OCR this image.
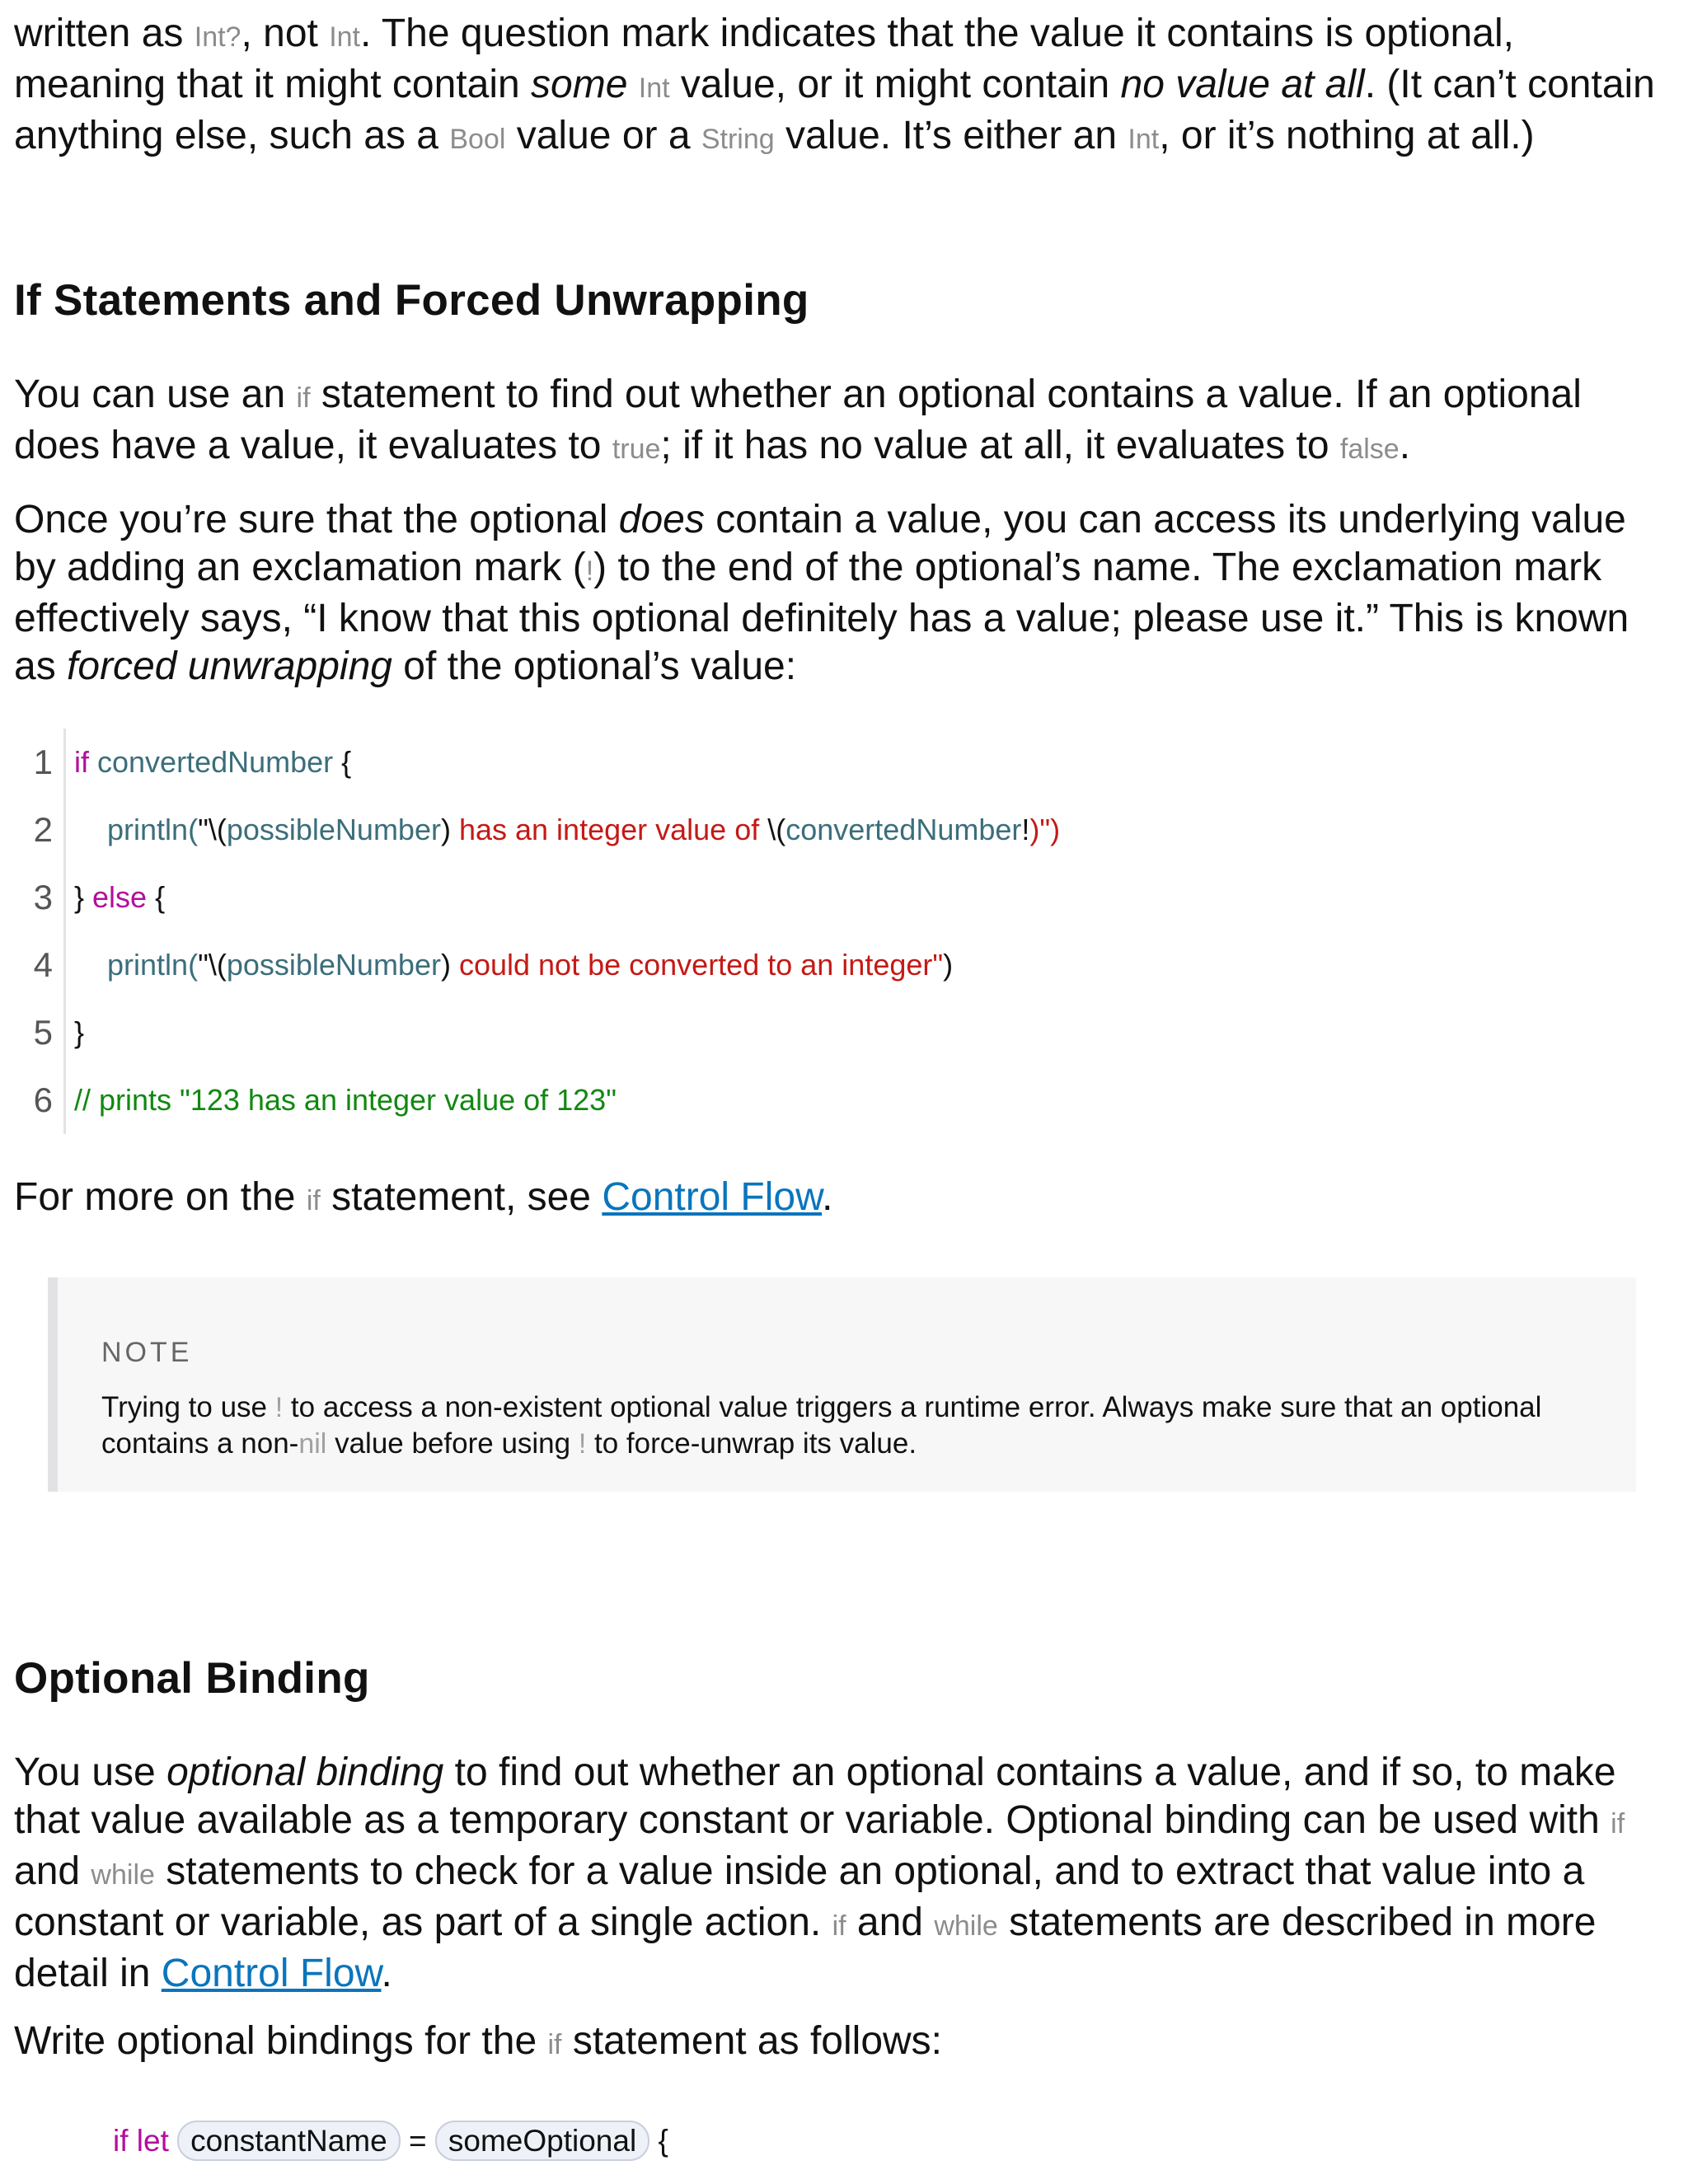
written as Int?, not Int. The question mark indicates that the value it contains is optional, meaning that it might contain some Int value, or it might contain no value at all. (It can’t contain anything else, such as a Bool value or a String value. It’s either an Int, or it’s nothing at all.)

If Statements and Forced Unwrapping

You can use an if statement to find out whether an optional contains a value. If an optional does have a value, it evaluates to true; if it has no value at all, it evaluates to false.

Once you’re sure that the optional does contain a value, you can access its underlying value by adding an exclamation mark (!) to the end of the optional’s name. The exclamation mark effectively says, “I know that this optional definitely has a value; please use it.” This is known as forced unwrapping of the optional’s value:

1 if convertedNumber {
2	println("\(possibleNumber) has an integer value of \(convertedNumber!)")
3 } else {
4	println("\(possibleNumber) could not be converted to an integer")
5 }
6 // prints "123 has an integer value of 123"

For more on the if statement, see Control Flow.

NOTE
Trying to use ! to access a non-existent optional value triggers a runtime error. Always make sure that an optional contains a non-nil value before using ! to force-unwrap its value.
Optional Binding

You use optional binding to find out whether an optional contains a value, and if so, to make that value available as a temporary constant or variable. Optional binding can be used with if and while statements to check for a value inside an optional, and to extract that value into a constant or variable, as part of a single action. if and while statements are described in more detail in Control Flow.

Write optional bindings for the if statement as follows:

if let constantName = someOptional {
